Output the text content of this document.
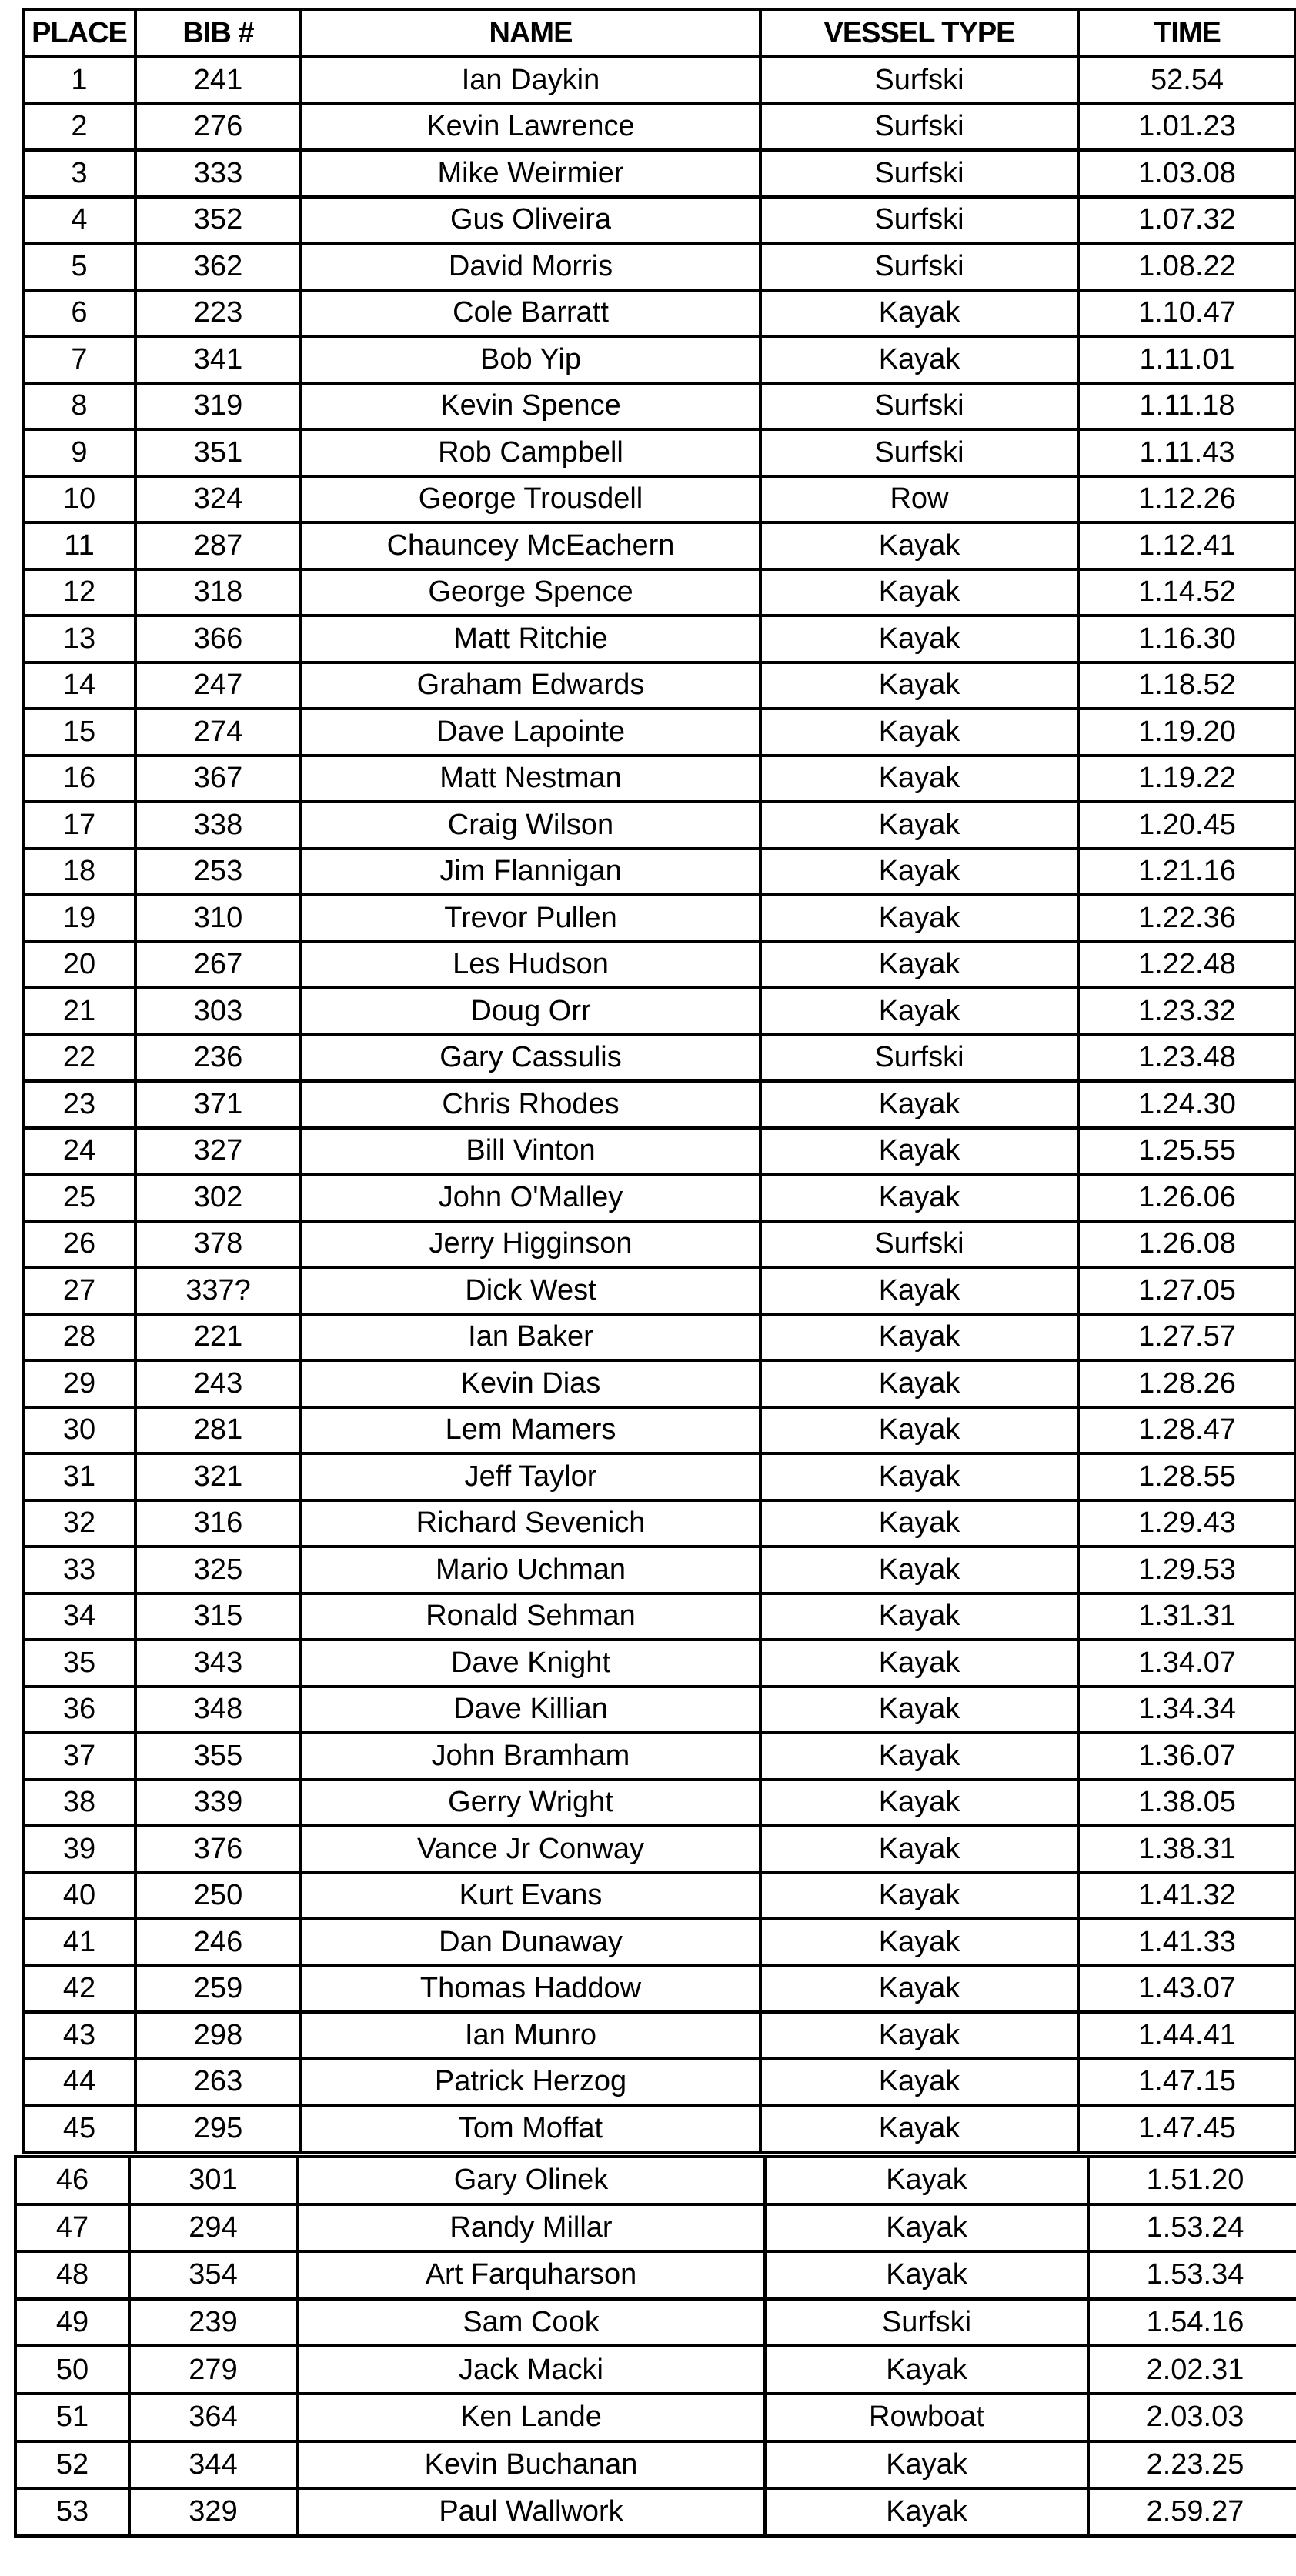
PLACE	BIB #	NAME	VESSEL TYPE	TIME
1	241	Ian Daykin	Surfski	52.54
2	276	Kevin Lawrence	Surfski	1.01.23
3	333	Mike Weirmier	Surfski	1.03.08
4	352	Gus Oliveira	Surfski	1.07.32
5	362	David Morris	Surfski	1.08.22
6	223	Cole Barratt	Kayak	1.10.47
7	341	Bob Yip	Kayak	1.11.01
8	319	Kevin Spence	Surfski	1.11.18
9	351	Rob Campbell	Surfski	1.11.43
10	324	George Trousdell	Row	1.12.26
11	287	Chauncey McEachern	Kayak	1.12.41
12	318	George Spence	Kayak	1.14.52
13	366	Matt Ritchie	Kayak	1.16.30
14	247	Graham Edwards	Kayak	1.18.52
15	274	Dave Lapointe	Kayak	1.19.20
16	367	Matt Nestman	Kayak	1.19.22
17	338	Craig Wilson	Kayak	1.20.45
18	253	Jim Flannigan	Kayak	1.21.16
19	310	Trevor Pullen	Kayak	1.22.36
20	267	Les Hudson	Kayak	1.22.48
21	303	Doug Orr	Kayak	1.23.32
22	236	Gary Cassulis	Surfski	1.23.48
23	371	Chris Rhodes	Kayak	1.24.30
24	327	Bill Vinton	Kayak	1.25.55
25	302	John O'Malley	Kayak	1.26.06
26	378	Jerry Higginson	Surfski	1.26.08
27	337?	Dick West	Kayak	1.27.05
28	221	Ian Baker	Kayak	1.27.57
29	243	Kevin Dias	Kayak	1.28.26
30	281	Lem Mamers	Kayak	1.28.47
31	321	Jeff Taylor	Kayak	1.28.55
32	316	Richard Sevenich	Kayak	1.29.43
33	325	Mario Uchman	Kayak	1.29.53
34	315	Ronald Sehman	Kayak	1.31.31
35	343	Dave Knight	Kayak	1.34.07
36	348	Dave Killian	Kayak	1.34.34
37	355	John Bramham	Kayak	1.36.07
38	339	Gerry Wright	Kayak	1.38.05
39	376	Vance Jr Conway	Kayak	1.38.31
40	250	Kurt Evans	Kayak	1.41.32
41	246	Dan Dunaway	Kayak	1.41.33
42	259	Thomas Haddow	Kayak	1.43.07
43	298	Ian Munro	Kayak	1.44.41
44	263	Patrick Herzog	Kayak	1.47.15
45	295	Tom Moffat	Kayak	1.47.45
46	301	Gary Olinek	Kayak	1.51.20
47	294	Randy Millar	Kayak	1.53.24
48	354	Art Farquharson	Kayak	1.53.34
49	239	Sam Cook	Surfski	1.54.16
50	279	Jack Macki	Kayak	2.02.31
51	364	Ken Lande	Rowboat	2.03.03
52	344	Kevin Buchanan	Kayak	2.23.25
53	329	Paul Wallwork	Kayak	2.59.27
